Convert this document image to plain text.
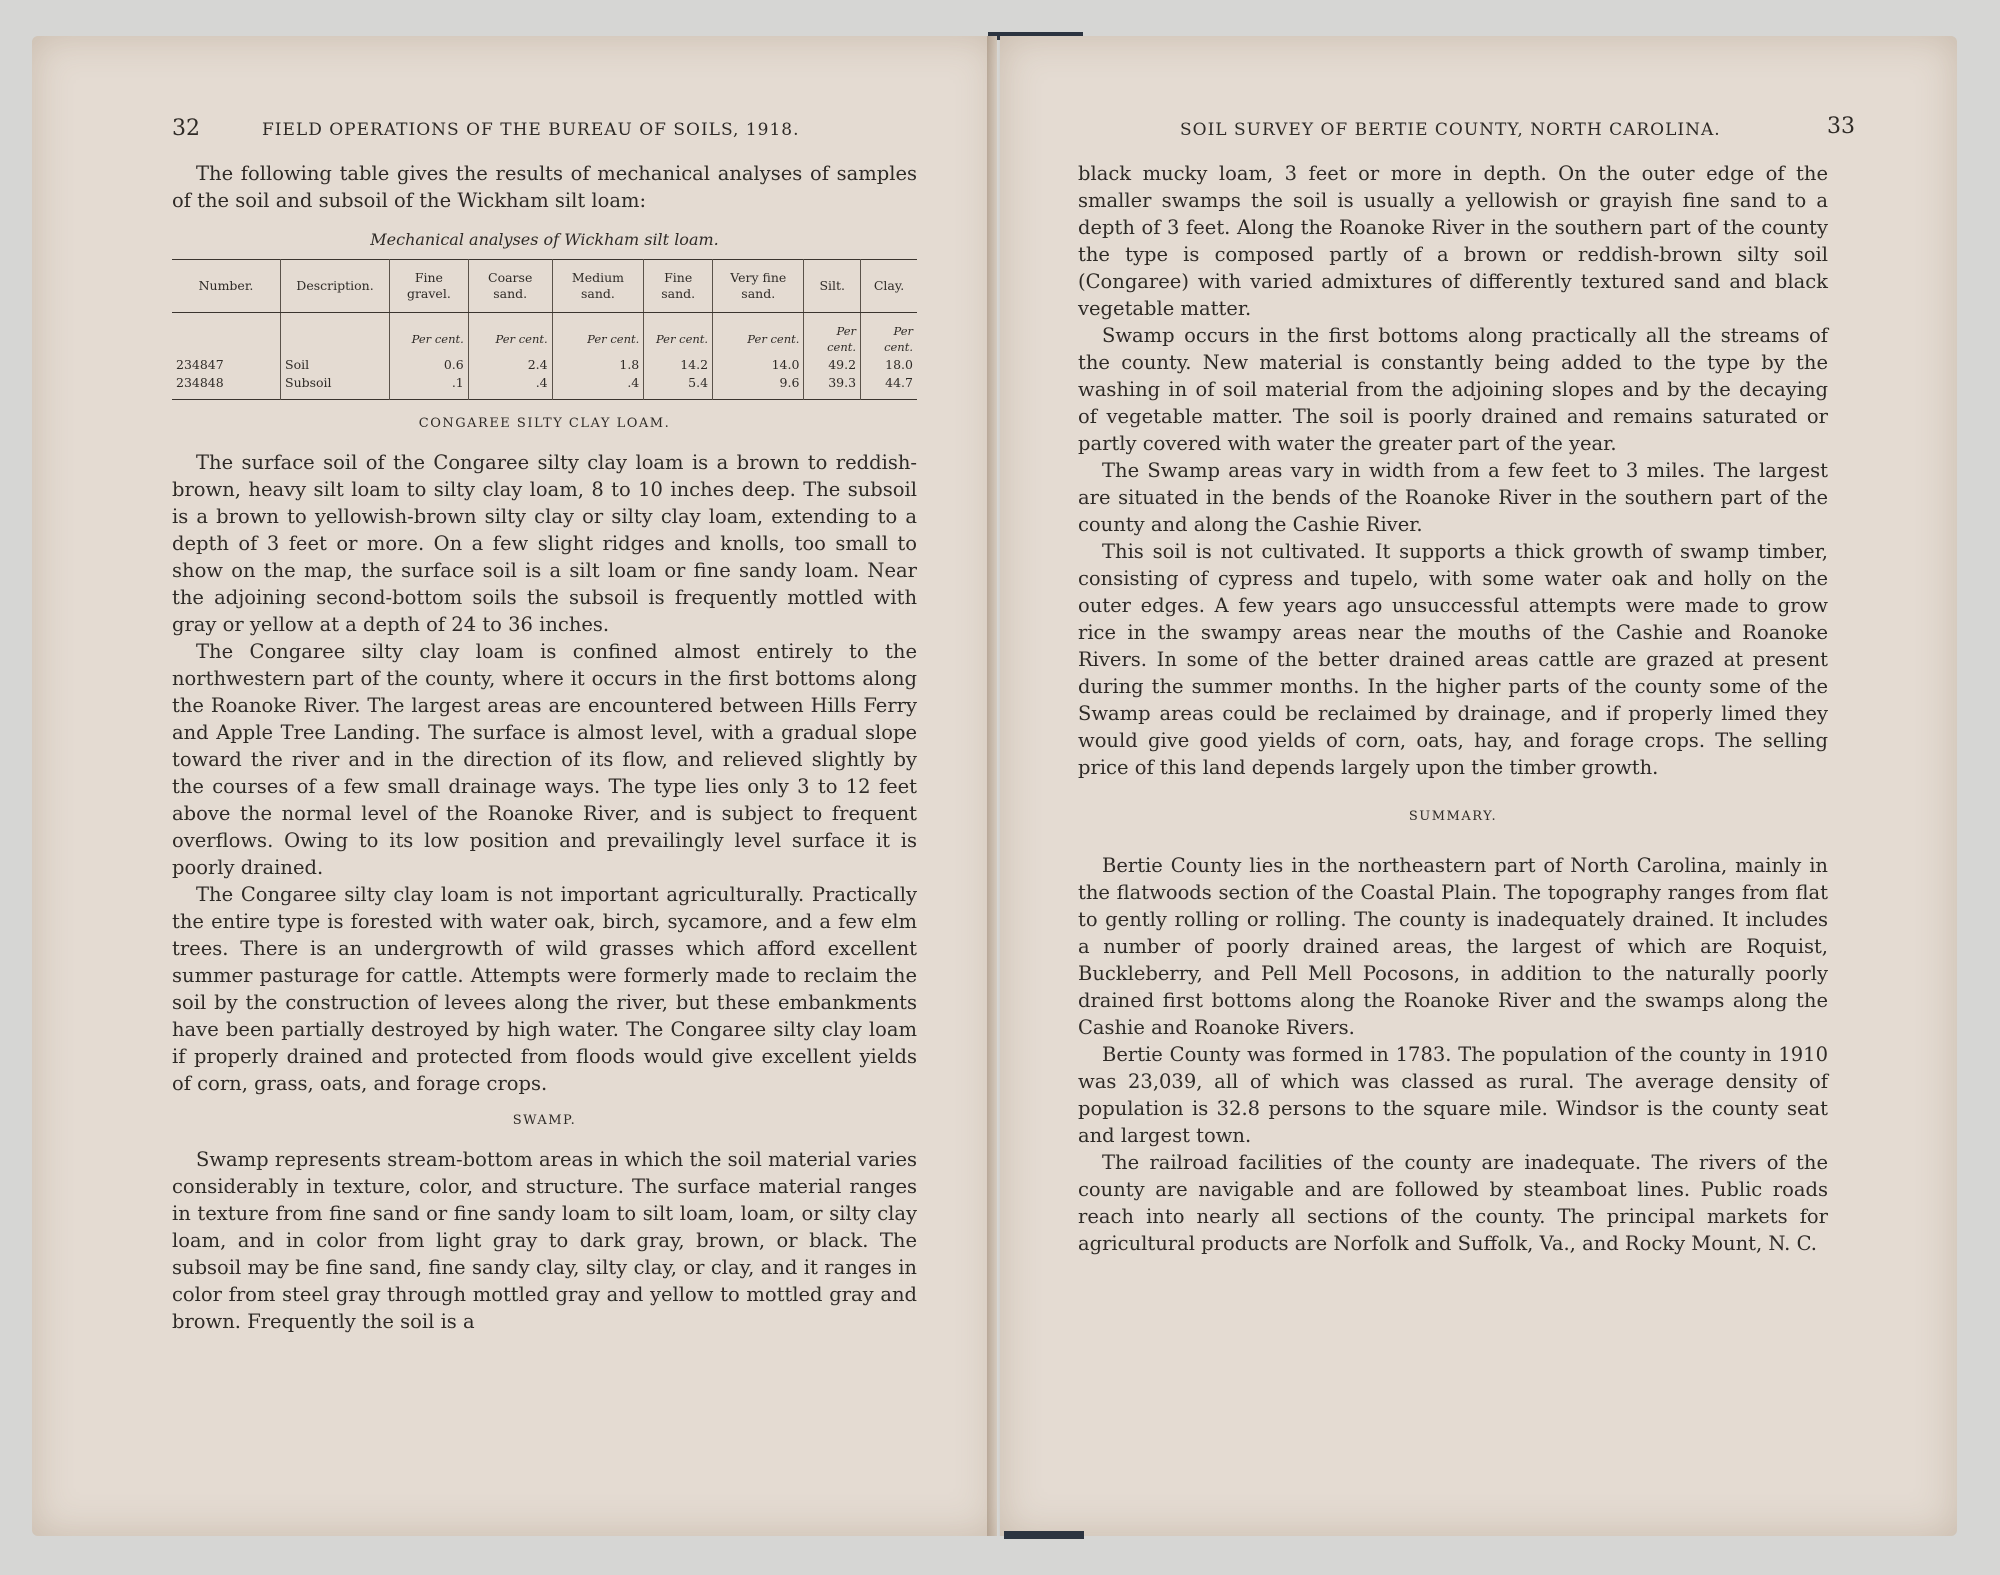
32	FIELD OPERATIONS OF THE BUREAU OF SOILS, 1918.

The following table gives the results of mechanical analyses of samples of the soil and subsoil of the Wickham silt loam:

Mechanical analyses of Wickham silt loam.
Number.	Description.	Fine gravel.	Coarse sand.	Medium sand.	Fine sand.	Very fine sand.	Silt.	Clay.
		Per cent.	Per cent.	Per cent.	Per cent.	Per cent.	Per cent.	Per cent.
234847	Soil	0.6	2.4	1.8	14.2	14.0	49.2	18.0
234848	Subsoil	.1	.4	.4	5.4	9.6	39.3	44.7
CONGAREE SILTY CLAY LOAM.

The surface soil of the Congaree silty clay loam is a brown to reddish-brown, heavy silt loam to silty clay loam, 8 to 10 inches deep. The subsoil is a brown to yellowish-brown silty clay or silty clay loam, extending to a depth of 3 feet or more. On a few slight ridges and knolls, too small to show on the map, the surface soil is a silt loam or fine sandy loam. Near the adjoining second-bottom soils the subsoil is frequently mottled with gray or yellow at a depth of 24 to 36 inches.

The Congaree silty clay loam is confined almost entirely to the northwestern part of the county, where it occurs in the first bottoms along the Roanoke River. The largest areas are encountered between Hills Ferry and Apple Tree Landing. The surface is almost level, with a gradual slope toward the river and in the direction of its flow, and relieved slightly by the courses of a few small drainage ways. The type lies only 3 to 12 feet above the normal level of the Roanoke River, and is subject to frequent overflows. Owing to its low position and prevailingly level surface it is poorly drained.

The Congaree silty clay loam is not important agriculturally. Practically the entire type is forested with water oak, birch, sycamore, and a few elm trees. There is an undergrowth of wild grasses which afford excellent summer pasturage for cattle. Attempts were formerly made to reclaim the soil by the construction of levees along the river, but these embankments have been partially destroyed by high water. The Congaree silty clay loam if properly drained and protected from floods would give excellent yields of corn, grass, oats, and forage crops.

SWAMP.

Swamp represents stream-bottom areas in which the soil material varies considerably in texture, color, and structure. The surface material ranges in texture from fine sand or fine sandy loam to silt loam, loam, or silty clay loam, and in color from light gray to dark gray, brown, or black. The subsoil may be fine sand, fine sandy clay, silty clay, or clay, and it ranges in color from steel gray through mottled gray and yellow to mottled gray and brown. Frequently the soil is a

SOIL SURVEY OF BERTIE COUNTY, NORTH CAROLINA.	33

black mucky loam, 3 feet or more in depth. On the outer edge of the smaller swamps the soil is usually a yellowish or grayish fine sand to a depth of 3 feet. Along the Roanoke River in the southern part of the county the type is composed partly of a brown or reddish-brown silty soil (Congaree) with varied admixtures of differently textured sand and black vegetable matter.

Swamp occurs in the first bottoms along practically all the streams of the county. New material is constantly being added to the type by the washing in of soil material from the adjoining slopes and by the decaying of vegetable matter. The soil is poorly drained and remains saturated or partly covered with water the greater part of the year.

The Swamp areas vary in width from a few feet to 3 miles. The largest are situated in the bends of the Roanoke River in the southern part of the county and along the Cashie River.

This soil is not cultivated. It supports a thick growth of swamp timber, consisting of cypress and tupelo, with some water oak and holly on the outer edges. A few years ago unsuccessful attempts were made to grow rice in the swampy areas near the mouths of the Cashie and Roanoke Rivers. In some of the better drained areas cattle are grazed at present during the summer months. In the higher parts of the county some of the Swamp areas could be reclaimed by drainage, and if properly limed they would give good yields of corn, oats, hay, and forage crops. The selling price of this land depends largely upon the timber growth.

SUMMARY.

Bertie County lies in the northeastern part of North Carolina, mainly in the flatwoods section of the Coastal Plain. The topography ranges from flat to gently rolling or rolling. The county is inadequately drained. It includes a number of poorly drained areas, the largest of which are Roquist, Buckleberry, and Pell Mell Pocosons, in addition to the naturally poorly drained first bottoms along the Roanoke River and the swamps along the Cashie and Roanoke Rivers.

Bertie County was formed in 1783. The population of the county in 1910 was 23,039, all of which was classed as rural. The average density of population is 32.8 persons to the square mile. Windsor is the county seat and largest town.

The railroad facilities of the county are inadequate. The rivers of the county are navigable and are followed by steamboat lines. Public roads reach into nearly all sections of the county. The principal markets for agricultural products are Norfolk and Suffolk, Va., and Rocky Mount, N. C.
